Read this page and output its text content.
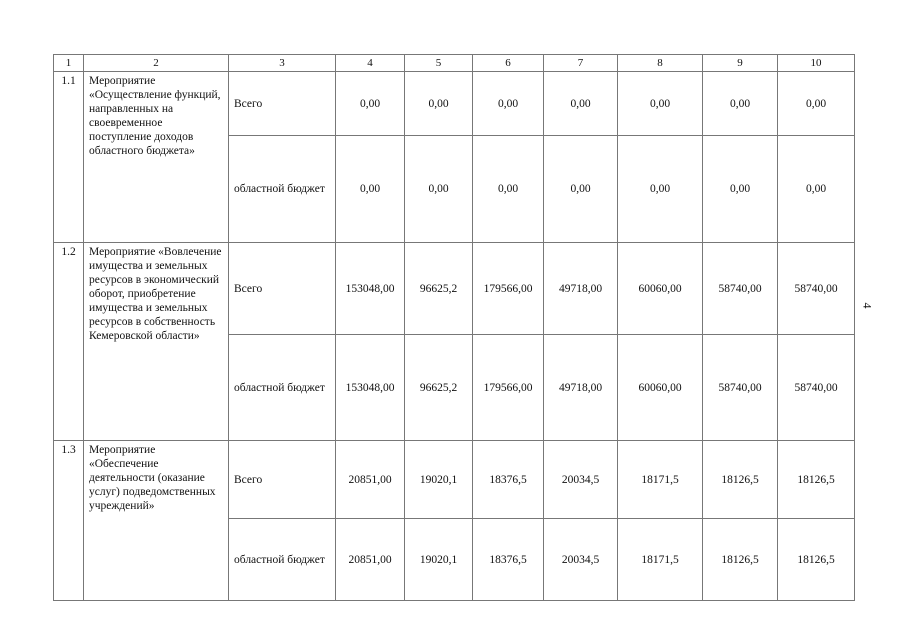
1	2	3	4	5	6	7	8	9	10
1.1	Мероприятие «Осуществление функций, направленных на своевременное поступление доходов областного бюджета»	Всего	0,00	0,00	0,00	0,00	0,00	0,00	0,00
		областной бюджет	0,00	0,00	0,00	0,00	0,00	0,00	0,00
1.2	Мероприятие «Вовлечение имущества и земельных ресурсов в экономический оборот, приобретение имущества и земельных ресурсов в собственность Кемеровской области»	Всего	153048,00	96625,2	179566,00	49718,00	60060,00	58740,00	58740,00
		областной бюджет	153048,00	96625,2	179566,00	49718,00	60060,00	58740,00	58740,00
1.3	Мероприятие «Обеспечение деятельности (оказание услуг) подведомственных учреждений»	Всего	20851,00	19020,1	18376,5	20034,5	18171,5	18126,5	18126,5
		областной бюджет	20851,00	19020,1	18376,5	20034,5	18171,5	18126,5	18126,5
4
